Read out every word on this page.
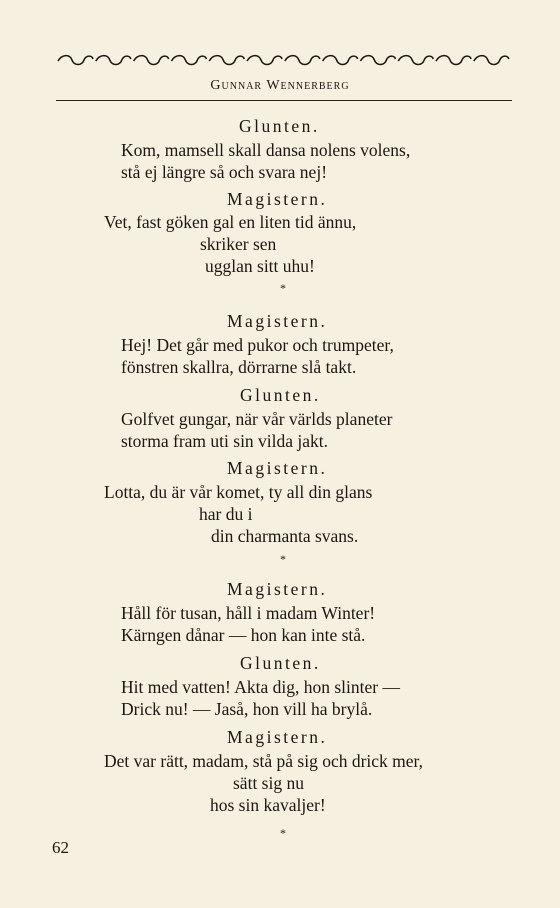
Gunnar Wennerberg
Glunten.
Kom, mamsell skall dansa nolens volens,
stå ej längre så och svara nej!
Magistern.
Vet, fast göken gal en liten tid ännu,
skriker sen
ugglan sitt uhu!
*
Magistern.
Hej! Det går med pukor och trumpeter,
fönstren skallra, dörrarne slå takt.
Glunten.
Golfvet gungar, när vår världs planeter
storma fram uti sin vilda jakt.
Magistern.
Lotta, du är vår komet, ty all din glans
har du i
din charmanta svans.
*
Magistern.
Håll för tusan, håll i madam Winter!
Kärngen dånar — hon kan inte stå.
Glunten.
Hit med vatten! Akta dig, hon slinter —
Drick nu! — Jaså, hon vill ha brylå.
Magistern.
Det var rätt, madam, stå på sig och drick mer,
sätt sig nu
hos sin kavaljer!
*
62
